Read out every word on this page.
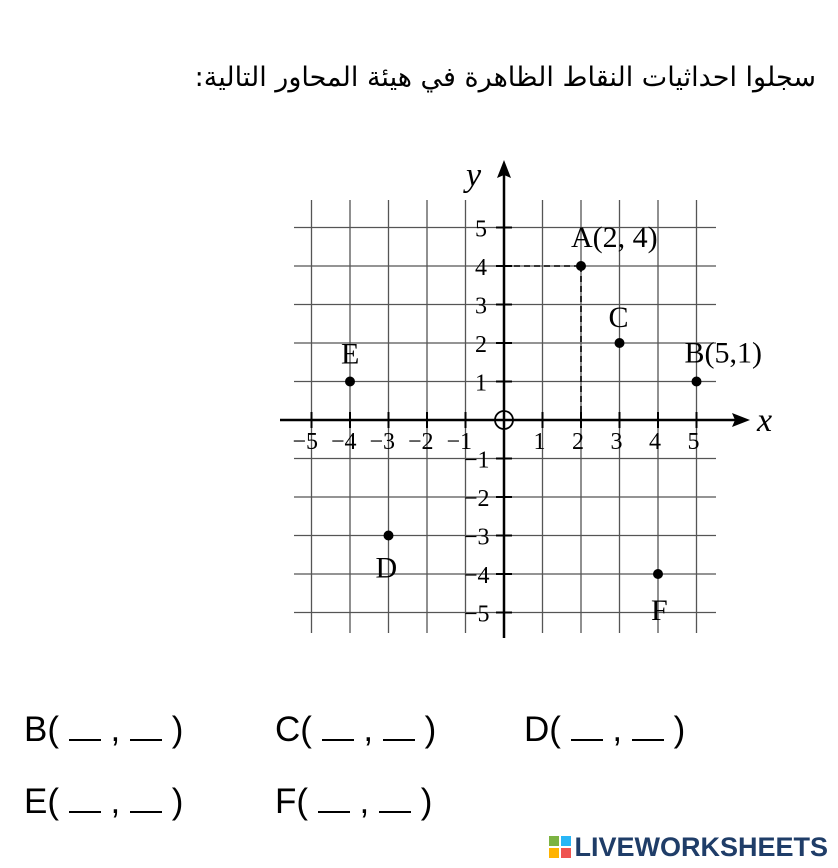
سجلوا احداثيات النقاط الظاهرة في هيئة المحاور التالية:
x
y
−5 −4 −3 −2 −1	1 2 3 4 5
5
4
3
2
1
−1
−2
−3
−4
−5
A(2, 4)
B(5,1)
C
D
E
F
B( , )	C( , )	D( , )
E( , )	F( , )
LIVEWORKSHEETS
